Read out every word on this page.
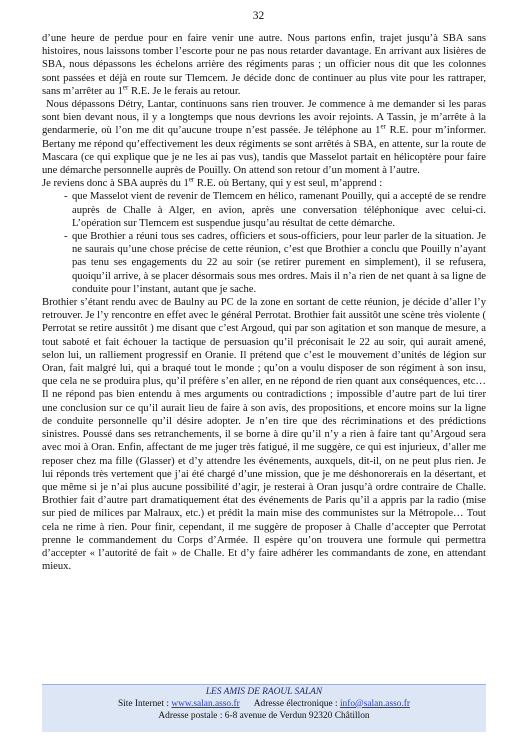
32

d’une heure de perdue pour en faire venir une autre. Nous partons enfin, trajet jusqu’à SBA sans histoires, nous laissons tomber l’escorte pour ne pas nous retarder davantage. En arrivant aux lisières de SBA, nous dépassons les échelons arrière des régiments paras ; un officier nous dit que les colonnes sont passées et déjà en route sur Tlemcem. Je décide donc de continuer au plus vite pour les rattraper, sans m’arrêter au 1er R.E. Je le ferais au retour.

Nous dépassons Détry, Lantar, continuons sans rien trouver. Je commence à me demander si les paras sont bien devant nous, il y a longtemps que nous devrions les avoir rejoints. A Tassin, je m’arrête à la gendarmerie, où l’on me dit qu’aucune troupe n’est passée. Je téléphone au 1er R.E. pour m’informer. Bertany me répond qu’effectivement les deux régiments se sont arrêtés à SBA, en attente, sur la route de Mascara (ce qui explique que je ne les ai pas vus), tandis que Masselot partait en hélicoptère pour faire une démarche personnelle auprès de Pouilly. On attend son retour d’un moment à l’autre.

Je reviens donc à SBA auprès du 1er R.E. où Bertany, qui y est seul, m’apprend :

- que Masselot vient de revenir de Tlemcem en hélico, ramenant Pouilly, qui a accepté de se rendre auprès de Challe à Alger, en avion, après une conversation téléphonique avec celui-ci. L’opération sur Tlemcem est suspendue jusqu’au résultat de cette démarche.
- que Brothier a réuni tous ses cadres, officiers et sous-officiers, pour leur parler de la situation. Je ne saurais qu’une chose précise de cette réunion, c’est que Brothier a conclu que Pouilly n’ayant pas tenu ses engagements du 22 au soir (se retirer purement en simplement), il se refusera, quoiqu’il arrive, à se placer désormais sous mes ordres. Mais il n’a rien de net quant à sa ligne de conduite pour l’instant, autant que je sache.

Brothier s’étant rendu avec de Baulny au PC de la zone en sortant de cette réunion, je décide d’aller l’y retrouver. Je l’y rencontre en effet avec le général Perrotat. Brothier fait aussitôt une scène très violente ( Perrotat se retire aussitôt ) me disant que c’est Argoud, qui par son agitation et son manque de mesure, a tout saboté et fait échouer la tactique de persuasion qu’il préconisait le 22 au soir, qui aurait amené, selon lui, un ralliement progressif en Oranie. Il prétend que c’est le mouvement d’unités de légion sur Oran, fait malgré lui, qui a braqué tout le monde ; qu’on a voulu disposer de son régiment à son insu, que cela ne se produira plus, qu’il préfère s’en aller, en ne répond de rien quant aux conséquences, etc… Il ne répond pas bien entendu à mes arguments ou contradictions ; impossible d’autre part de lui tirer une conclusion sur ce qu’il aurait lieu de faire à son avis, des propositions, et encore moins sur la ligne de conduite personnelle qu’il désire adopter. Je n’en tire que des récriminations et des prédictions sinistres. Poussé dans ses retranchements, il se borne à dire qu’il n’y a rien à faire tant qu’Argoud sera avec moi à Oran. Enfin, affectant de me juger très fatigué, il me suggère, ce qui est injurieux, d’aller me reposer chez ma fille (Glasser) et d’y attendre les événements, auxquels, dit-il, on ne peut plus rien. Je lui réponds très vertement que j’ai été chargé d’une mission, que je me déshonorerais en la désertant, et que même si je n’ai plus aucune possibilité d’agir, je resterai à Oran jusqu’à ordre contraire de Challe. Brothier fait d’autre part dramatiquement état des événements de Paris qu’il a appris par la radio (mise sur pied de milices par Malraux, etc.) et prédit la main mise des communistes sur la Métropole… Tout cela ne rime à rien. Pour finir, cependant, il me suggère de proposer à Challe d’accepter que Perrotat prenne le commandement du Corps d’Armée. Il espère qu’on trouvera une formule qui permettra d’accepter « l’autorité de fait » de Challe. Et d’y faire adhérer les commandants de zone, en attendant mieux.

LES AMIS DE RAOUL SALAN
Site Internet : www.salan.asso.fr Adresse électronique : info@salan.asso.fr
Adresse postale : 6-8 avenue de Verdun 92320 Châtillon
